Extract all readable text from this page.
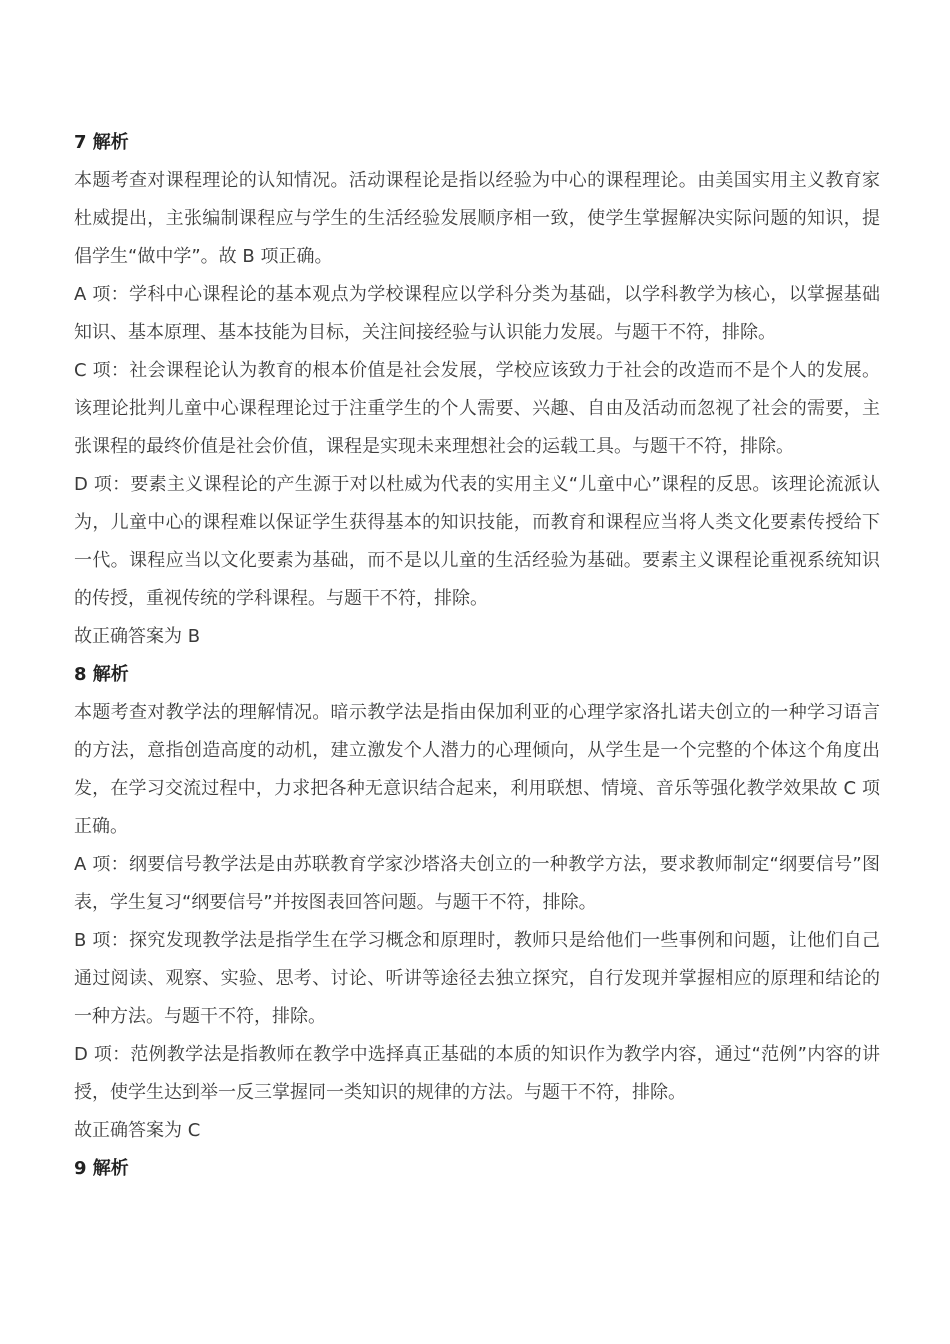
7 解析

本题考查对课程理论的认知情况。活动课程论是指以经验为中心的课程理论。由美国实用主义教育家杜威提出，主张编制课程应与学生的生活经验发展顺序相一致，使学生掌握解决实际问题的知识，提倡学生“做中学”。故 B 项正确。

A 项：学科中心课程论的基本观点为学校课程应以学科分类为基础，以学科教学为核心，以掌握基础知识、基本原理、基本技能为目标，关注间接经验与认识能力发展。与题干不符，排除。

C 项：社会课程论认为教育的根本价值是社会发展，学校应该致力于社会的改造而不是个人的发展。该理论批判儿童中心课程理论过于注重学生的个人需要、兴趣、自由及活动而忽视了社会的需要，主张课程的最终价值是社会价值，课程是实现未来理想社会的运载工具。与题干不符，排除。

D 项：要素主义课程论的产生源于对以杜威为代表的实用主义“儿童中心”课程的反思。该理论流派认为，儿童中心的课程难以保证学生获得基本的知识技能，而教育和课程应当将人类文化要素传授给下一代。课程应当以文化要素为基础，而不是以儿童的生活经验为基础。要素主义课程论重视系统知识的传授，重视传统的学科课程。与题干不符，排除。

故正确答案为 B

8 解析

本题考查对教学法的理解情况。暗示教学法是指由保加利亚的心理学家洛扎诺夫创立的一种学习语言的方法，意指创造高度的动机，建立激发个人潜力的心理倾向，从学生是一个完整的个体这个角度出发，在学习交流过程中，力求把各种无意识结合起来，利用联想、情境、音乐等强化教学效果故 C 项正确。

A 项：纲要信号教学法是由苏联教育学家沙塔洛夫创立的一种教学方法，要求教师制定“纲要信号”图表，学生复习“纲要信号”并按图表回答问题。与题干不符，排除。

B 项：探究发现教学法是指学生在学习概念和原理时，教师只是给他们一些事例和问题，让他们自己通过阅读、观察、实验、思考、讨论、听讲等途径去独立探究，自行发现并掌握相应的原理和结论的一种方法。与题干不符，排除。

D 项：范例教学法是指教师在教学中选择真正基础的本质的知识作为教学内容，通过“范例”内容的讲授，使学生达到举一反三掌握同一类知识的规律的方法。与题干不符，排除。

故正确答案为 C

9 解析
